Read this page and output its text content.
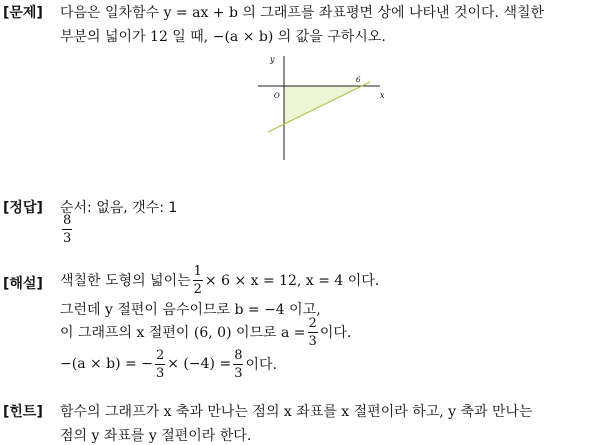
[문제] 다음은 일차함수 y = ax + b 의 그래프를 좌표평면 상에 나타낸 것이다. 색칠한
부분의 넓이가 12 일 때, −(a × b) 의 값을 구하시오.
y
x
O
6
[정답] 순서: 없음, 갯수: 1
$\frac{8}{3}$
[해설] 색칠한 도형의 넓이는 $\frac{1}{2} \times 6 \times x = 12$, x = 4 이다.
그런데 y 절편이 음수이므로 b = −4 이고,
이 그래프의 x 절편이 (6, 0) 이므로 $a = \frac{2}{3}$ 이다.
−(a × b) = − $\frac{2}{3} \times (-4) = \frac{8}{3}$ 이다.
[힌트] 함수의 그래프가 x 축과 만나는 점의 x 좌표를 x 절편이라 하고, y 축과 만나는
점의 y 좌표를 y 절편이라 한다.
